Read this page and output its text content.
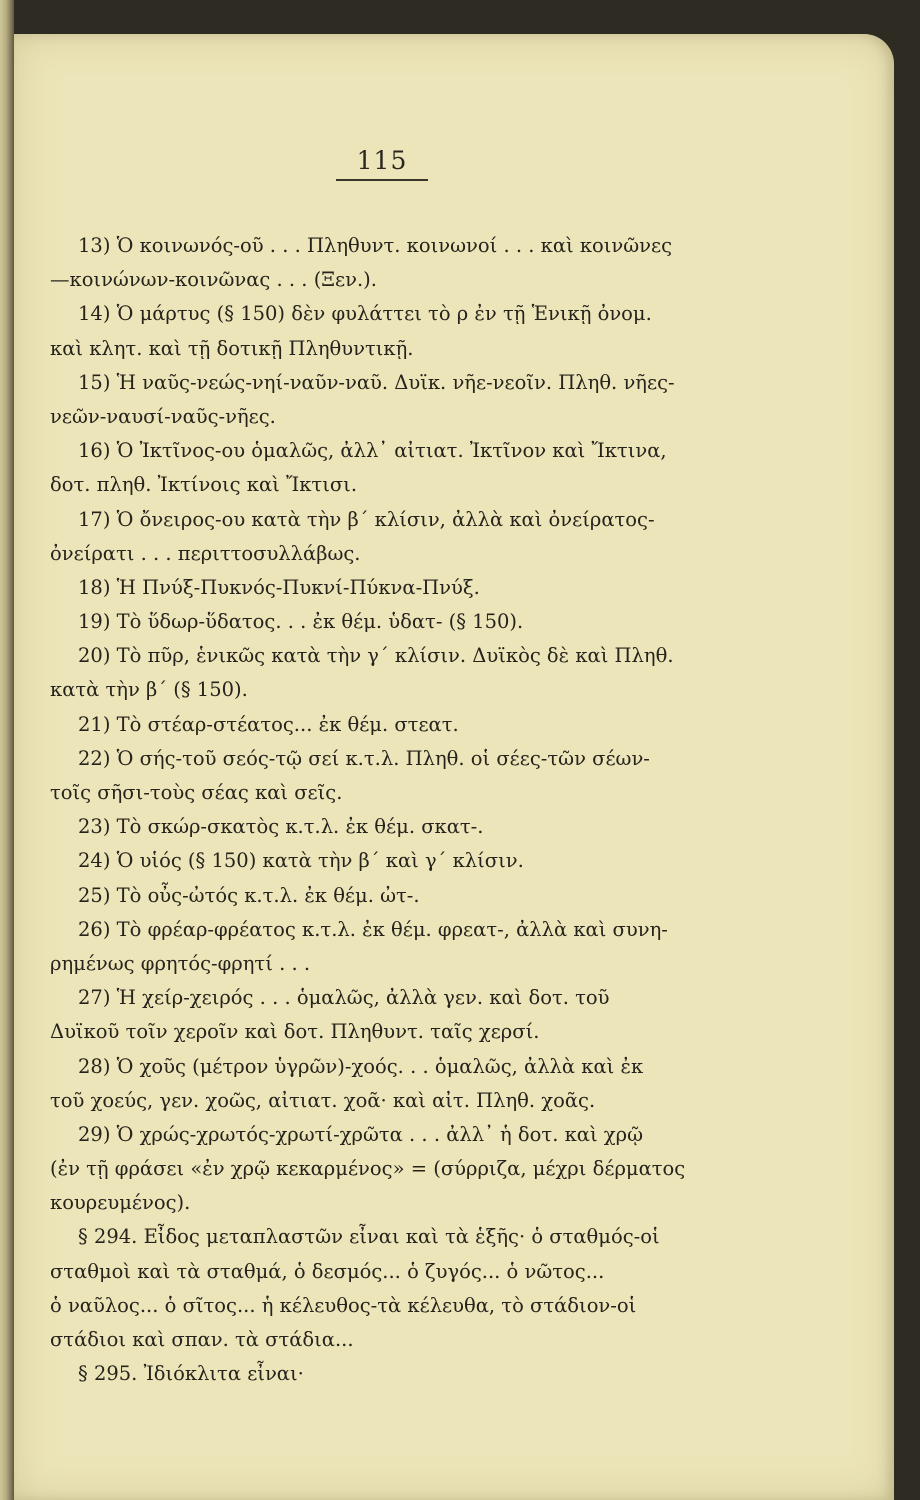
115
13) Ὁ κοινωνός-οῦ . . . Πληθυντ. κοινωνοί . . . καὶ κοινῶνες
—κοινώνων-κοινῶνας . . . (Ξεν.).
14) Ὁ μάρτυς (§ 150) δὲν φυλάττει τὸ ρ ἐν τῇ Ἑνικῇ ὀνομ.
καὶ κλητ. καὶ τῇ δοτικῇ Πληθυντικῇ.
15) Ἡ ναῦς-νεώς-νηί-ναῦν-ναῦ. Δυϊκ. νῆε-νεοῖν. Πληθ. νῆες-
νεῶν-ναυσί-ναῦς-νῆες.
16) Ὁ Ἰκτῖνος-ου ὁμαλῶς, ἀλλ᾽ αἰτιατ. Ἰκτῖνον καὶ Ἴκτινα,
δοτ. πληθ. Ἰκτίνοις καὶ Ἴκτισι.
17) Ὁ ὄνειρος-ου κατὰ τὴν β΄ κλίσιν, ἀλλὰ καὶ ὀνείρατος-
ὀνείρατι . . . περιττοσυλλάβως.
18) Ἡ Πνύξ-Πυκνός-Πυκνί-Πύκνα-Πνύξ.
19) Τὸ ὕδωρ-ὕδατος. . . ἐκ θέμ. ὑδατ- (§ 150).
20) Τὸ πῦρ, ἑνικῶς κατὰ τὴν γ΄ κλίσιν. Δυϊκὸς δὲ καὶ Πληθ.
κατὰ τὴν β΄ (§ 150).
21) Τὸ στέαρ-στέατος... ἐκ θέμ. στεατ.
22) Ὁ σής-τοῦ σεός-τῷ σεί κ.τ.λ. Πληθ. οἱ σέες-τῶν σέων-
τοῖς σῆσι-τοὺς σέας καὶ σεῖς.
23) Τὸ σκώρ-σκατὸς κ.τ.λ. ἐκ θέμ. σκατ-.
24) Ὁ υἱός (§ 150) κατὰ τὴν β΄ καὶ γ΄ κλίσιν.
25) Τὸ οὖς-ὠτός κ.τ.λ. ἐκ θέμ. ὠτ-.
26) Τὸ φρέαρ-φρέατος κ.τ.λ. ἐκ θέμ. φρεατ-, ἀλλὰ καὶ συνη-
ρημένως φρητός-φρητί . . .
27) Ἡ χείρ-χειρός . . . ὁμαλῶς, ἀλλὰ γεν. καὶ δοτ. τοῦ
Δυϊκοῦ τοῖν χεροῖν καὶ δοτ. Πληθυντ. ταῖς χερσί.
28) Ὁ χοῦς (μέτρον ὑγρῶν)-χοός. . . ὁμαλῶς, ἀλλὰ καὶ ἐκ
τοῦ χοεύς, γεν. χοῶς, αἰτιατ. χοᾶ· καὶ αἰτ. Πληθ. χοᾶς.
29) Ὁ χρώς-χρωτός-χρωτί-χρῶτα . . . ἀλλ᾽ ἡ δοτ. καὶ χρῷ
(ἐν τῇ φράσει «ἐν χρῷ κεκαρμένος» = (σύρριζα, μέχρι δέρματος
κουρευμένος).
§ 294. Εἶδος μεταπλαστῶν εἶναι καὶ τὰ ἑξῆς· ὁ σταθμός-οἱ
σταθμοὶ καὶ τὰ σταθμά, ὁ δεσμός... ὁ ζυγός... ὁ νῶτος...
ὁ ναῦλος... ὁ σῖτος... ἡ κέλευθος-τὰ κέλευθα, τὸ στάδιον-οἱ
στάδιοι καὶ σπαν. τὰ στάδια...
§ 295. Ἰδιόκλιτα εἶναι·
